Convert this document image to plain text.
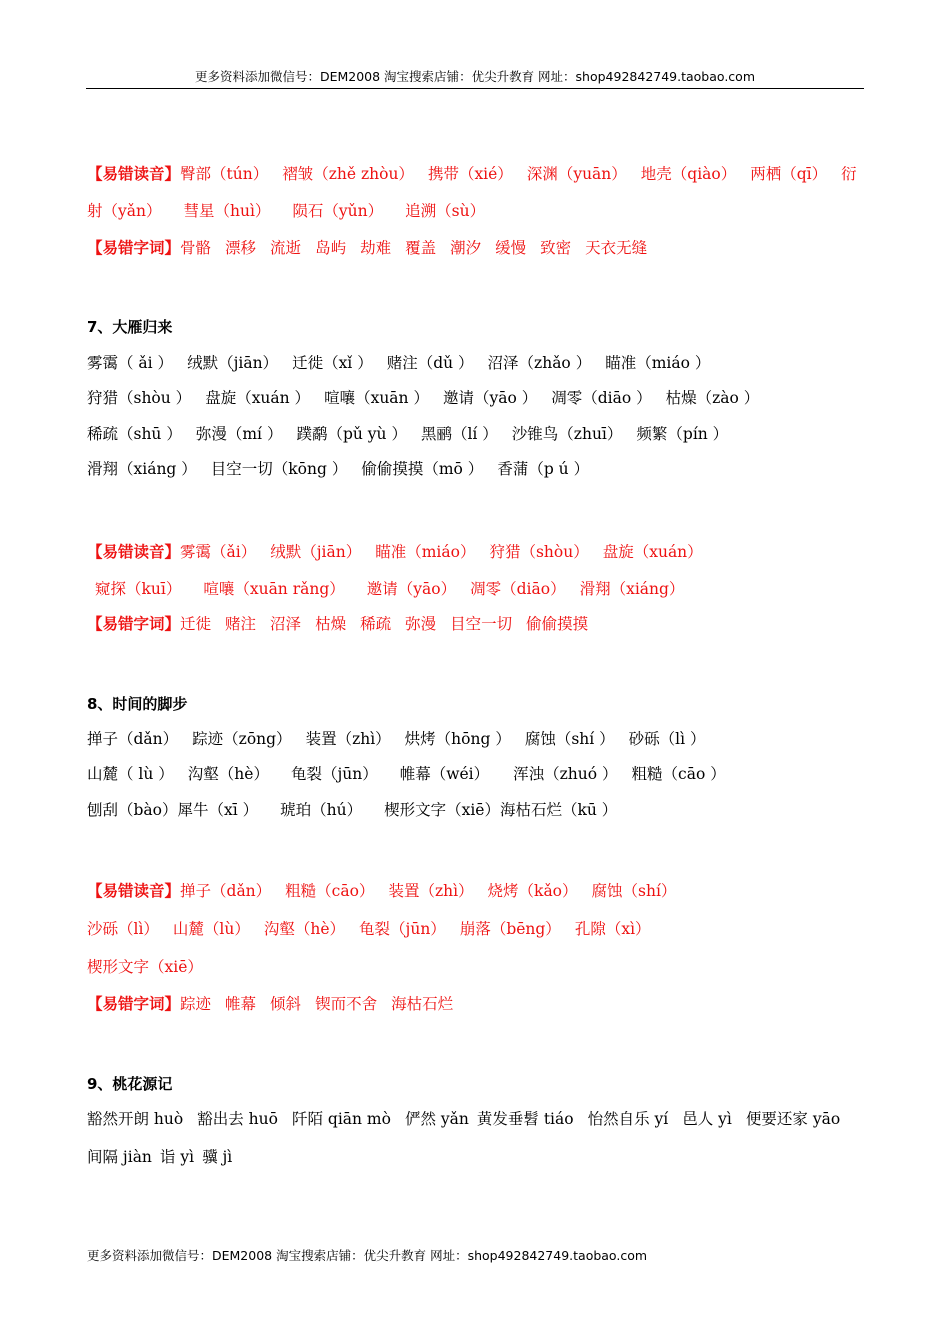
更多资料添加微信号：DEM2008 淘宝搜索店铺：优尖升教育 网址：shop492842749.taobao.com
【易错读音】臀部（tún） 褶皱（zhě zhòu） 携带（xié） 深渊（yuān） 地壳（qiào） 两栖（qī） 衍
射（yǎn） 彗星（huì） 陨石（yǔn） 追溯（sù）
【易错字词】骨骼 漂移 流逝 岛屿 劫难 覆盖 潮汐 缓慢 致密 天衣无缝
7、大雁归来
雾霭（ ǎi ） 绒默（jiān） 迁徙（xǐ ） 赌注（dǔ ） 沼泽（zhǎo ） 瞄准（miáo ）
狩猎（shòu ） 盘旋（xuán ） 喧嚷（xuān ） 邀请（yāo ） 凋零（diāo ） 枯燥（zào ）
稀疏（shū ） 弥漫（mí ） 蹼鹬（pǔ yù ） 黑鹂（lí ） 沙锥鸟（zhuī） 频繁（pín ）
滑翔（xiáng ） 目空一切（kōng ） 偷偷摸摸（mō ） 香蒲（p ú ）
【易错读音】雾霭（ǎi） 绒默（jiān） 瞄准（miáo） 狩猎（shòu） 盘旋（xuán）
窥探（kuī） 喧嚷（xuān rǎng） 邀请（yāo） 凋零（diāo） 滑翔（xiáng）
【易错字词】迁徙 赌注 沼泽 枯燥 稀疏 弥漫 目空一切 偷偷摸摸
8、时间的脚步
掸子（dǎn） 踪迹（zōng） 装置（zhì） 烘烤（hōng ） 腐蚀（shí ） 砂砾（lì ）
山麓（ lù ） 沟壑（hè） 龟裂（jūn） 帷幕（wéi） 浑浊（zhuó ） 粗糙（cāo ）
刨刮（bào）犀牛（xī ） 琥珀（hú） 楔形文字（xiē）海枯石烂（kū ）
【易错读音】掸子（dǎn） 粗糙（cāo） 装置（zhì） 烧烤（kǎo） 腐蚀（shí）
沙砾（lì） 山麓（lù） 沟壑（hè） 龟裂（jūn） 崩落（bēng） 孔隙（xì）
楔形文字（xiē）
【易错字词】踪迹 帷幕 倾斜 锲而不舍 海枯石烂
9、桃花源记
豁然开朗 huò 豁出去 huō 阡陌 qiān mò 俨然 yǎn 黄发垂髫 tiáo 怡然自乐 yí 邑人 yì 便要还家 yāo
间隔 jiàn 诣 yì 骥 jì
更多资料添加微信号：DEM2008 淘宝搜索店铺：优尖升教育 网址：shop492842749.taobao.com
